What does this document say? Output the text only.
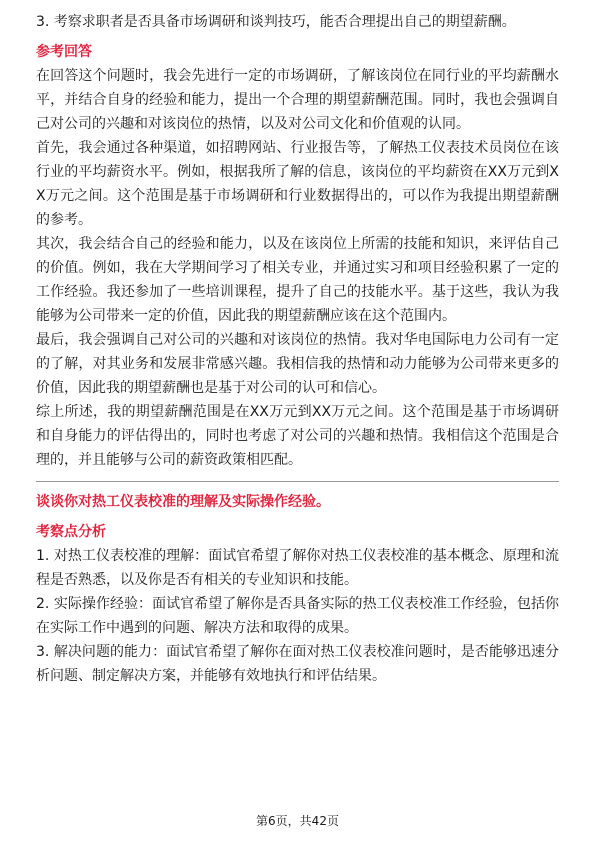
3. 考察求职者是否具备市场调研和谈判技巧，能否合理提出自己的期望薪酬。

参考回答

在回答这个问题时，我会先进行一定的市场调研，了解该岗位在同行业的平均薪酬水平，并结合自身的经验和能力，提出一个合理的期望薪酬范围。同时，我也会强调自己对公司的兴趣和对该岗位的热情，以及对公司文化和价值观的认同。

首先，我会通过各种渠道，如招聘网站、行业报告等，了解热工仪表技术员岗位在该行业的平均薪资水平。例如，根据我所了解的信息，该岗位的平均薪资在XX万元到XX万元之间。这个范围是基于市场调研和行业数据得出的，可以作为我提出期望薪酬的参考。

其次，我会结合自己的经验和能力，以及在该岗位上所需的技能和知识，来评估自己的价值。例如，我在大学期间学习了相关专业，并通过实习和项目经验积累了一定的工作经验。我还参加了一些培训课程，提升了自己的技能水平。基于这些，我认为我能够为公司带来一定的价值，因此我的期望薪酬应该在这个范围内。

最后，我会强调自己对公司的兴趣和对该岗位的热情。我对华电国际电力公司有一定的了解，对其业务和发展非常感兴趣。我相信我的热情和动力能够为公司带来更多的价值，因此我的期望薪酬也是基于对公司的认可和信心。

综上所述，我的期望薪酬范围是在XX万元到XX万元之间。这个范围是基于市场调研和自身能力的评估得出的，同时也考虑了对公司的兴趣和热情。我相信这个范围是合理的，并且能够与公司的薪资政策相匹配。

谈谈你对热工仪表校准的理解及实际操作经验。

考察点分析

1. 对热工仪表校准的理解：面试官希望了解你对热工仪表校准的基本概念、原理和流程是否熟悉，以及你是否有相关的专业知识和技能。

2. 实际操作经验：面试官希望了解你是否具备实际的热工仪表校准工作经验，包括你在实际工作中遇到的问题、解决方法和取得的成果。

3. 解决问题的能力：面试官希望了解你在面对热工仪表校准问题时，是否能够迅速分析问题、制定解决方案，并能够有效地执行和评估结果。

第6页，共42页
